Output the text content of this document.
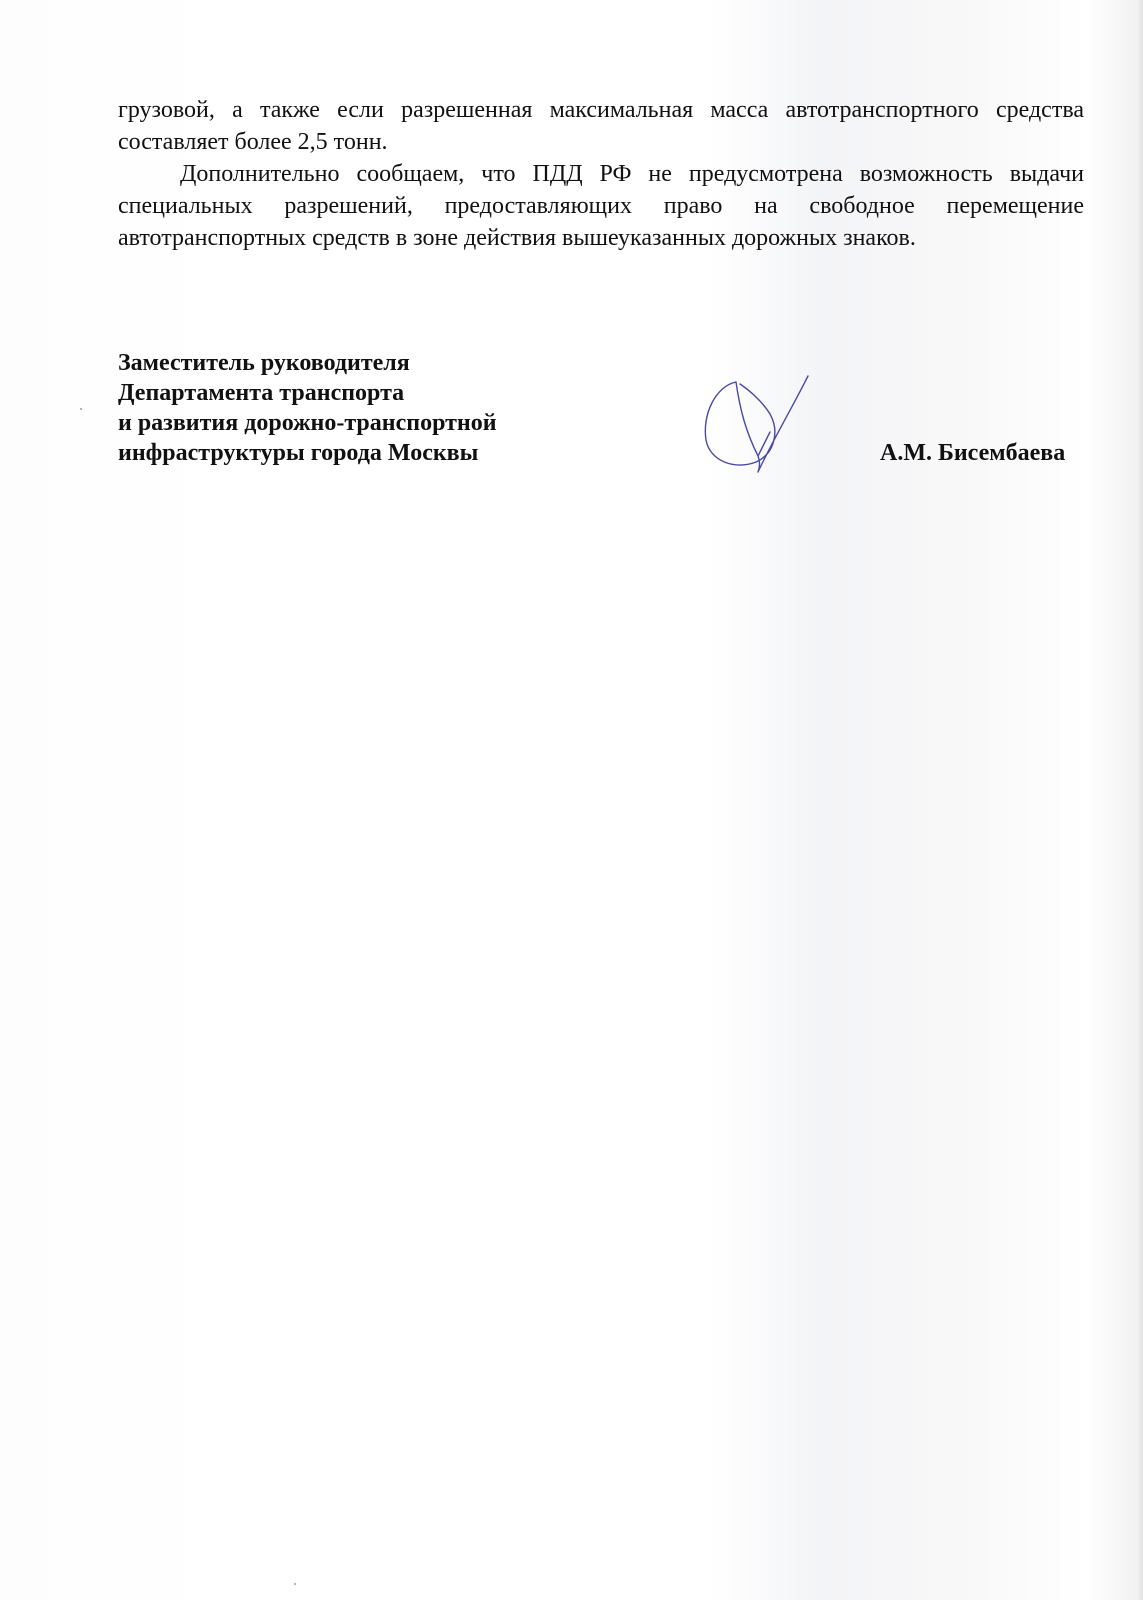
грузовой, а также если разрешенная максимальная масса автотранспортного средства составляет более 2,5 тонн.

Дополнительно сообщаем, что ПДД РФ не предусмотрена возможность выдачи специальных разрешений, предоставляющих право на свободное перемещение автотранспортных средств в зоне действия вышеуказанных дорожных знаков.

Заместитель руководителя
Департамента транспорта
и развития дорожно-транспортной
инфраструктуры города Москвы	А.М. Бисембаева
